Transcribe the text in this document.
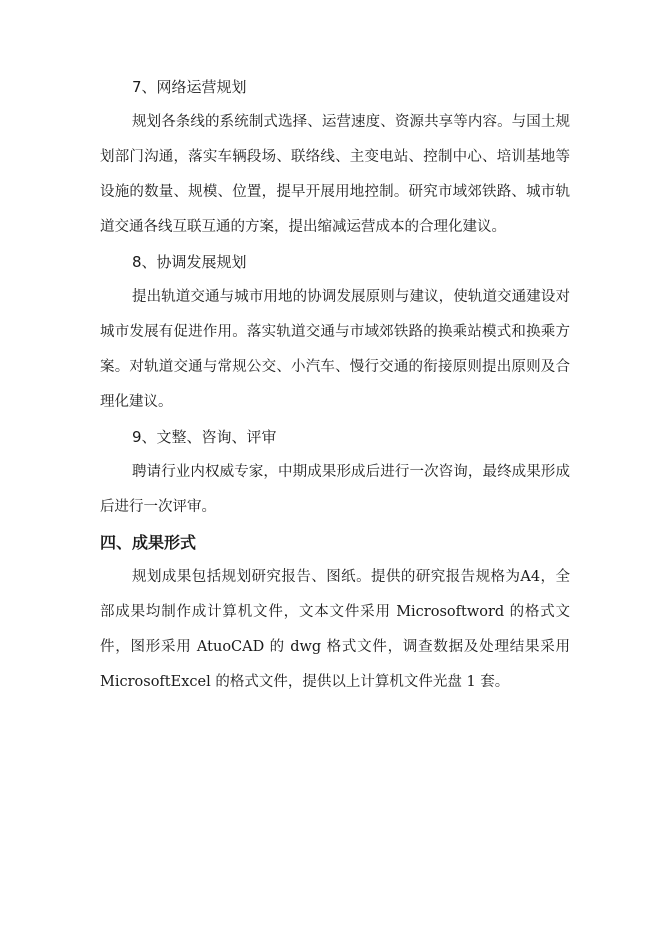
7、网络运营规划

规划各条线的系统制式选择、运营速度、资源共享等内容。与国土规划部门沟通，落实车辆段场、联络线、主变电站、控制中心、培训基地等设施的数量、规模、位置，提早开展用地控制。研究市域郊铁路、城市轨道交通各线互联互通的方案，提出缩减运营成本的合理化建议。

8、协调发展规划

提出轨道交通与城市用地的协调发展原则与建议，使轨道交通建设对城市发展有促进作用。落实轨道交通与市域郊铁路的换乘站模式和换乘方案。对轨道交通与常规公交、小汽车、慢行交通的衔接原则提出原则及合理化建议。

9、文整、咨询、评审

聘请行业内权威专家，中期成果形成后进行一次咨询，最终成果形成后进行一次评审。

四、成果形式

规划成果包括规划研究报告、图纸。提供的研究报告规格为A4，全部成果均制作成计算机文件，文本文件采用 Microsoftword 的格式文件，图形采用 AtuoCAD 的 dwg 格式文件，调查数据及处理结果采用 MicrosoftExcel 的格式文件，提供以上计算机文件光盘 1 套。
